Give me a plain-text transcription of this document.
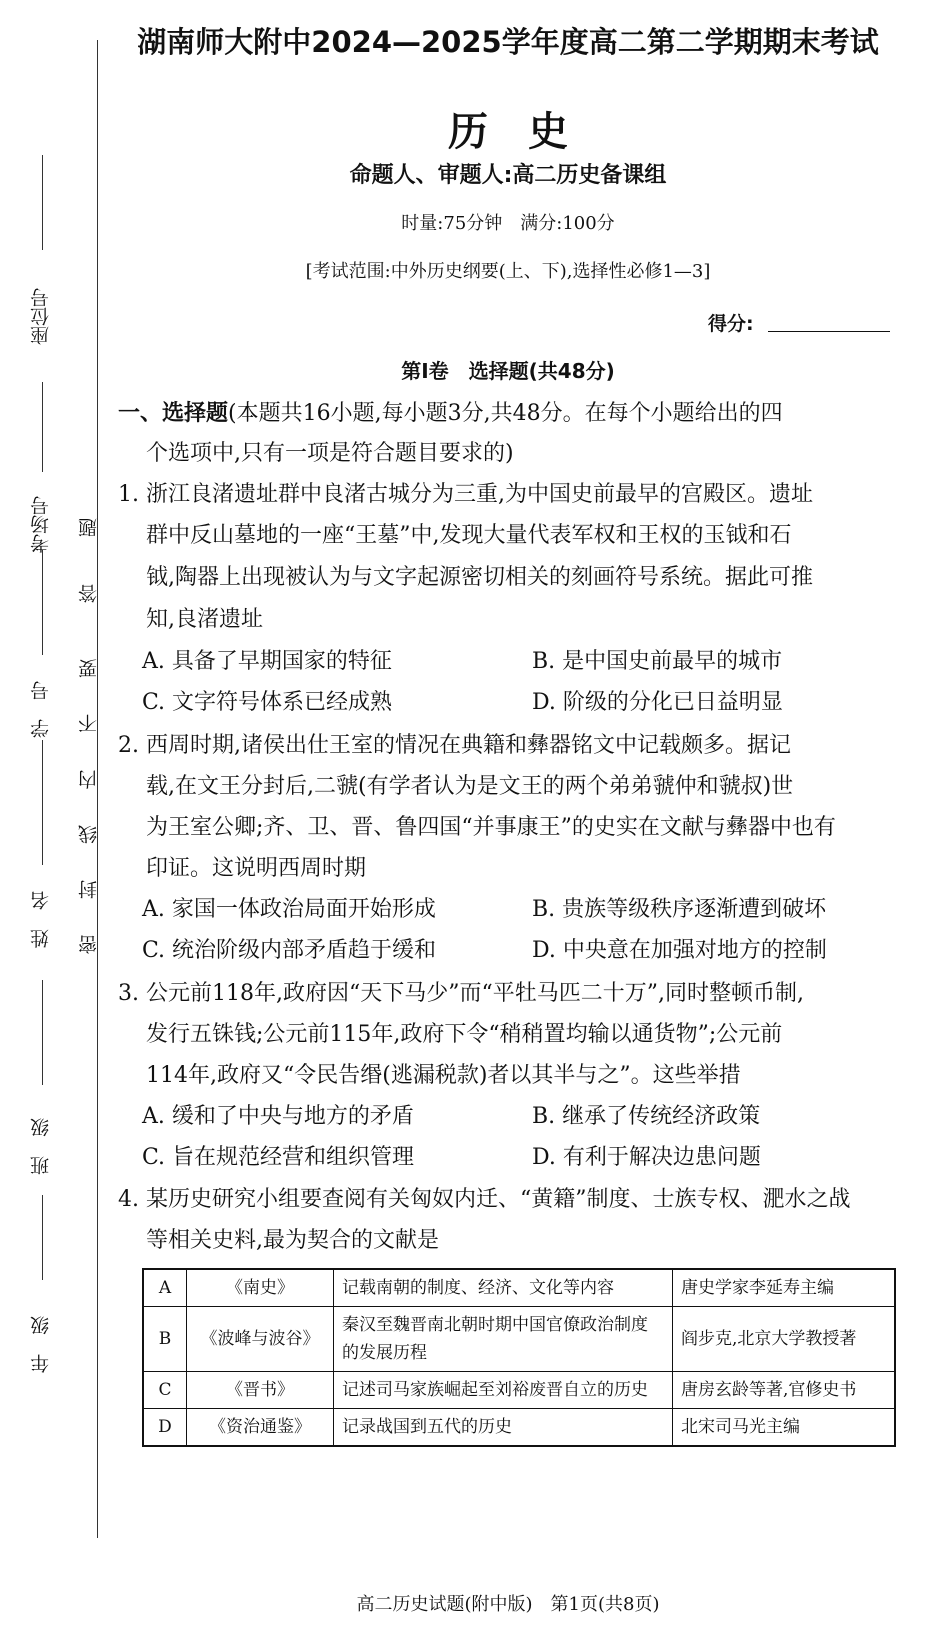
座位号
考场号
学　号
姓　名
班　级
年　级
密
封
线
内
不
要
答
题
湖南师大附中2024—2025学年度高二第二学期期末考试
历　史
命题人、审题人:高二历史备课组
时量:75分钟　满分:100分
[考试范围:中外历史纲要(上、下),选择性必修1—3]
得分:
第Ⅰ卷　 选择题(共48分)
一、选择题(本题共16小题,每小题3分,共48分。在每个小题给出的四
个选项中,只有一项是符合题目要求的)
1. 浙江良渚遗址群中良渚古城分为三重,为中国史前最早的宫殿区。遗址
群中反山墓地的一座“王墓”中,发现大量代表军权和王权的玉钺和石
钺,陶器上出现被认为与文字起源密切相关的刻画符号系统。据此可推
知,良渚遗址
A. 具备了早期国家的特征	B. 是中国史前最早的城市
C. 文字符号体系已经成熟	D. 阶级的分化已日益明显
2. 西周时期,诸侯出仕王室的情况在典籍和彝器铭文中记载颇多。据记
载,在文王分封后,二虢(有学者认为是文王的两个弟弟虢仲和虢叔)世
为王室公卿;齐、卫、晋、鲁四国“并事康王”的史实在文献与彝器中也有
印证。这说明西周时期
A. 家国一体政治局面开始形成	B. 贵族等级秩序逐渐遭到破坏
C. 统治阶级内部矛盾趋于缓和	D. 中央意在加强对地方的控制
3. 公元前118年,政府因“天下马少”而“平牡马匹二十万”,同时整顿币制,
发行五铢钱;公元前115年,政府下令“稍稍置均输以通货物”;公元前
114年,政府又“令民告缗(逃漏税款)者以其半与之”。这些举措
A. 缓和了中央与地方的矛盾	B. 继承了传统经济政策
C. 旨在规范经营和组织管理	D. 有利于解决边患问题
4. 某历史研究小组要查阅有关匈奴内迁、“黄籍”制度、士族专权、淝水之战
等相关史料,最为契合的文献是
A	《南史》	记载南朝的制度、经济、文化等内容	唐史学家李延寿主编
B	《波峰与波谷》	秦汉至魏晋南北朝时期中国官僚政治制度的发展历程	阎步克,北京大学教授著
C	《晋书》	记述司马家族崛起至刘裕废晋自立的历史	唐房玄龄等著,官修史书
D	《资治通鉴》	记录战国到五代的历史	北宋司马光主编
高二历史试题(附中版)　第1页(共8页)
